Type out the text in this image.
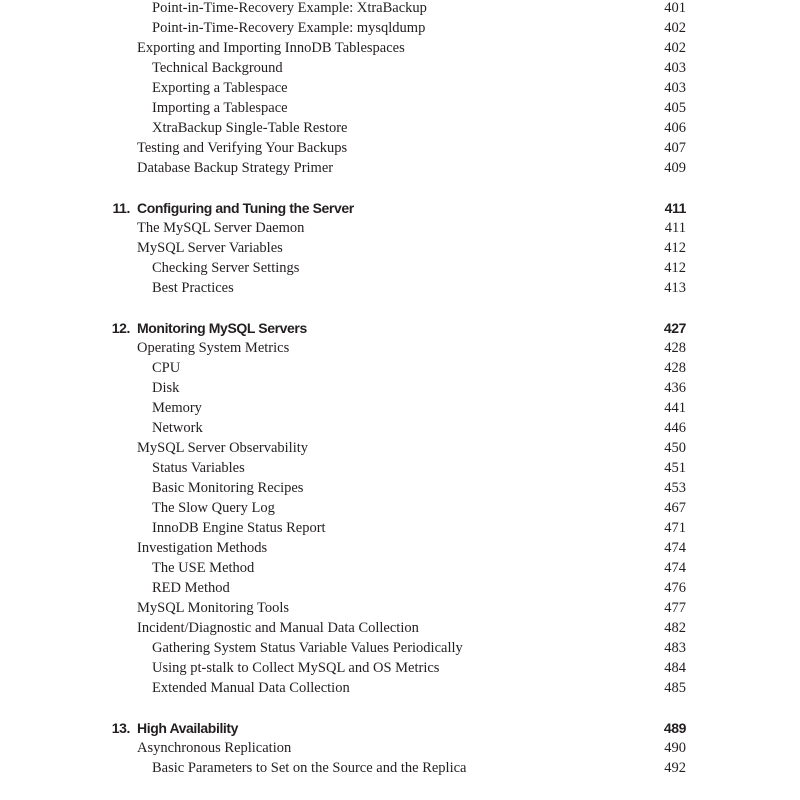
Point-in-Time-Recovery Example: XtraBackup	401
Point-in-Time-Recovery Example: mysqldump	402
Exporting and Importing InnoDB Tablespaces	402
Technical Background	403
Exporting a Tablespace	403
Importing a Tablespace	405
XtraBackup Single-Table Restore	406
Testing and Verifying Your Backups	407
Database Backup Strategy Primer	409
11. Configuring and Tuning the Server	411
The MySQL Server Daemon	411
MySQL Server Variables	412
Checking Server Settings	412
Best Practices	413
12. Monitoring MySQL Servers	427
Operating System Metrics	428
CPU	428
Disk	436
Memory	441
Network	446
MySQL Server Observability	450
Status Variables	451
Basic Monitoring Recipes	453
The Slow Query Log	467
InnoDB Engine Status Report	471
Investigation Methods	474
The USE Method	474
RED Method	476
MySQL Monitoring Tools	477
Incident/Diagnostic and Manual Data Collection	482
Gathering System Status Variable Values Periodically	483
Using pt-stalk to Collect MySQL and OS Metrics	484
Extended Manual Data Collection	485
13. High Availability	489
Asynchronous Replication	490
Basic Parameters to Set on the Source and the Replica	492
